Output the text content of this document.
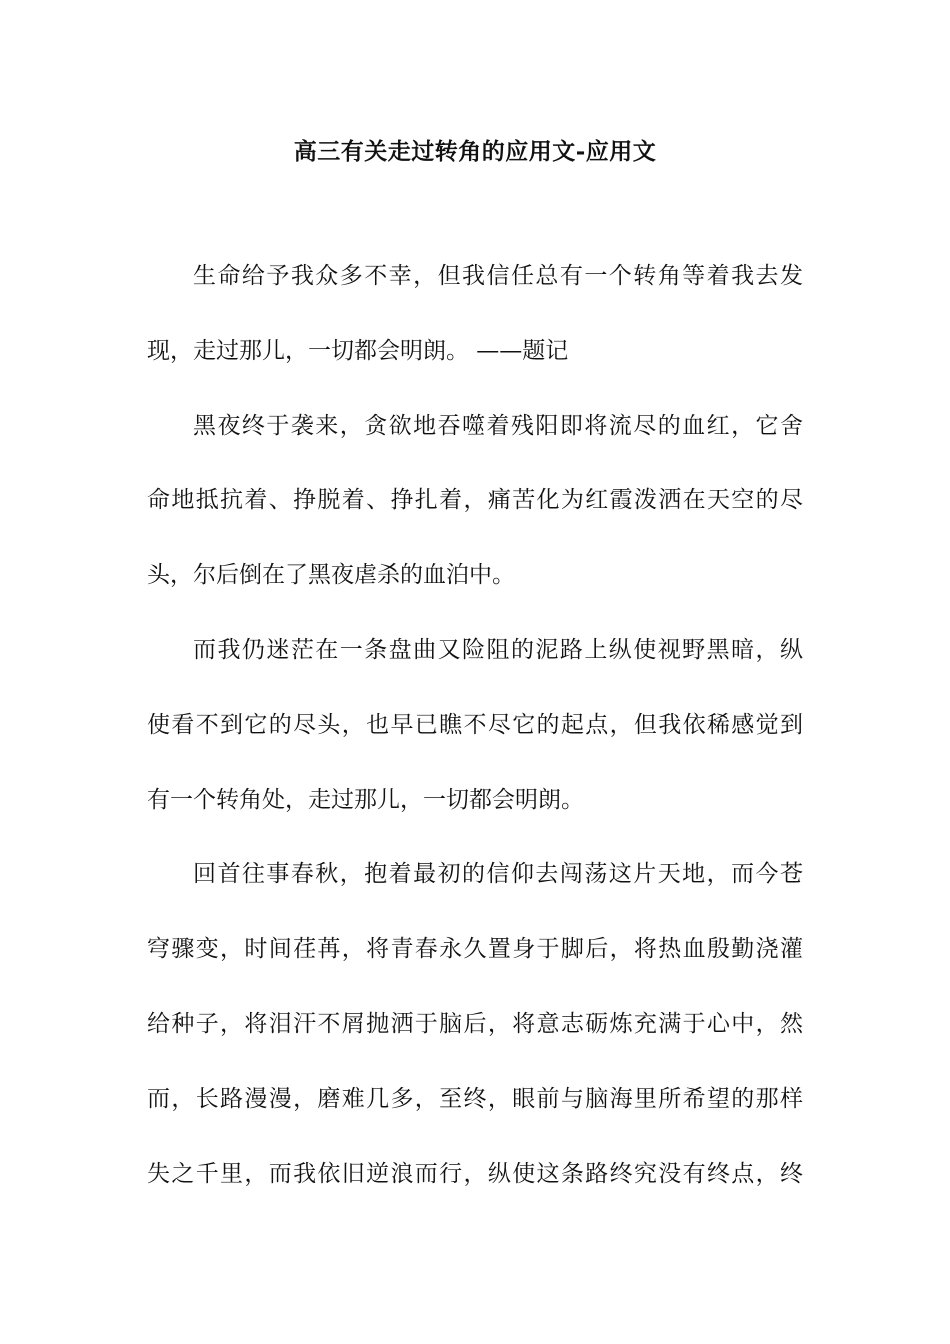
高三有关走过转角的应用文-应用文
生命给予我众多不幸，但我信任总有一个转角等着我去发
现，走过那儿，一切都会明朗。 ——题记
黑夜终于袭来，贪欲地吞噬着残阳即将流尽的血红，它舍
命地抵抗着、挣脱着、挣扎着，痛苦化为红霞泼洒在天空的尽
头，尔后倒在了黑夜虐杀的血泊中。
而我仍迷茫在一条盘曲又险阻的泥路上纵使视野黑暗，纵
使看不到它的尽头，也早已瞧不尽它的起点，但我依稀感觉到
有一个转角处，走过那儿，一切都会明朗。
回首往事春秋，抱着最初的信仰去闯荡这片天地，而今苍
穹骤变，时间荏苒，将青春永久置身于脚后，将热血殷勤浇灌
给种子，将泪汗不屑抛洒于脑后，将意志砺炼充满于心中，然
而，长路漫漫，磨难几多，至终，眼前与脑海里所希望的那样
失之千里，而我依旧逆浪而行，纵使这条路终究没有终点，终
